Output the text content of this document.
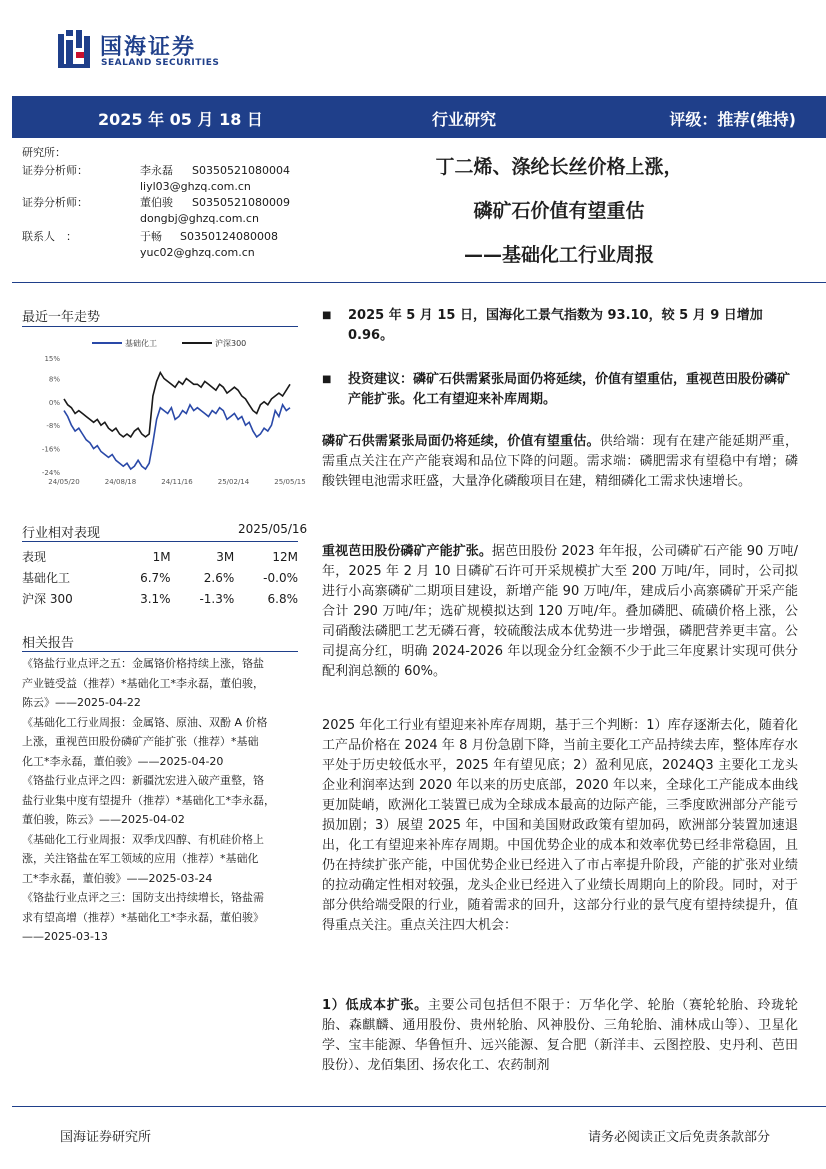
国海证券
SEALAND SECURITIES
2025 年 05 月 18 日	行业研究	评级：推荐(维持)
研究所：
证券分析师：	李永磊 S0350521080004
liyl03@ghzq.com.cn
证券分析师：	董伯骏 S0350521080009
dongbj@ghzq.com.cn
联系人　：	于畅 S0350124080008
yuc02@ghzq.com.cn
丁二烯、涤纶长丝价格上涨，
磷矿石价值有望重估
——基础化工行业周报
最近一年走势
基础化工	沪深300
15%
8%
0%
-8%
-16%
-24%
24/05/20	24/08/18	24/11/16	25/02/14	25/05/15
行业相对表现	2025/05/16
表现	1M	3M	12M
基础化工	6.7%	2.6%	-0.0%
沪深 300	3.1%	-1.3%	6.8%
相关报告

《铬盐行业点评之五：金属铬价格持续上涨，铬盐
产业链受益（推荐）*基础化工*李永磊，董伯骏，
陈云》——2025-04-22

《基础化工行业周报：金属铬、原油、双酚 A 价格
上涨，重视芭田股份磷矿产能扩张（推荐）*基础
化工*李永磊，董伯骏》——2025-04-20

《铬盐行业点评之四：新疆沈宏进入破产重整，铬
盐行业集中度有望提升（推荐）*基础化工*李永磊，
董伯骏，陈云》——2025-04-02

《基础化工行业周报：双季戊四醇、有机硅价格上
涨，关注铬盐在军工领域的应用（推荐）*基础化
工*李永磊，董伯骏》——2025-03-24

《铬盐行业点评之三：国防支出持续增长，铬盐需
求有望高增（推荐）*基础化工*李永磊，董伯骏》
——2025-03-13

■ 2025 年 5 月 15 日，国海化工景气指数为 93.10，较 5 月 9 日增加 0.96。
■ 投资建议：磷矿石供需紧张局面仍将延续，价值有望重估，重视芭田股份磷矿产能扩张。化工有望迎来补库周期。

磷矿石供需紧张局面仍将延续，价值有望重估。供给端：现有在建产能延期严重，需重点关注在产产能衰竭和品位下降的问题。需求端：磷肥需求有望稳中有增；磷酸铁锂电池需求旺盛，大量净化磷酸项目在建，精细磷化工需求快速增长。

重视芭田股份磷矿产能扩张。据芭田股份 2023 年年报，公司磷矿石产能 90 万吨/年，2025 年 2 月 10 日磷矿石许可开采规模扩大至 200 万吨/年，同时，公司拟进行小高寨磷矿二期项目建设，新增产能 90 万吨/年，建成后小高寨磷矿开采产能合计 290 万吨/年；选矿规模拟达到 120 万吨/年。叠加磷肥、硫磺价格上涨，公司硝酸法磷肥工艺无磷石膏，较硫酸法成本优势进一步增强，磷肥营养更丰富。公司提高分红，明确 2024-2026 年以现金分红金额不少于此三年度累计实现可供分配利润总额的 60%。

2025 年化工行业有望迎来补库存周期，基于三个判断：1）库存逐渐去化，随着化工产品价格在 2024 年 8 月份急剧下降，当前主要化工产品持续去库，整体库存水平处于历史较低水平，2025 年有望见底；2）盈利见底，2024Q3 主要化工龙头企业利润率达到 2020 年以来的历史底部，2020 年以来，全球化工产能成本曲线更加陡峭，欧洲化工装置已成为全球成本最高的边际产能，三季度欧洲部分产能亏损加剧；3）展望 2025 年，中国和美国财政政策有望加码，欧洲部分装置加速退出，化工有望迎来补库存周期。中国优势企业的成本和效率优势已经非常稳固，且仍在持续扩张产能，中国优势企业已经进入了市占率提升阶段，产能的扩张对业绩的拉动确定性相对较强，龙头企业已经进入了业绩长周期向上的阶段。同时，对于部分供给端受限的行业，随着需求的回升，这部分行业的景气度有望持续提升，值得重点关注。重点关注四大机会：

1）低成本扩张。主要公司包括但不限于：万华化学、轮胎（赛轮轮胎、玲珑轮胎、森麒麟、通用股份、贵州轮胎、风神股份、三角轮胎、浦林成山等）、卫星化学、宝丰能源、华鲁恒升、远兴能源、复合肥（新洋丰、云图控股、史丹利、芭田股份）、龙佰集团、扬农化工、农药制剂

国海证券研究所	请务必阅读正文后免责条款部分
